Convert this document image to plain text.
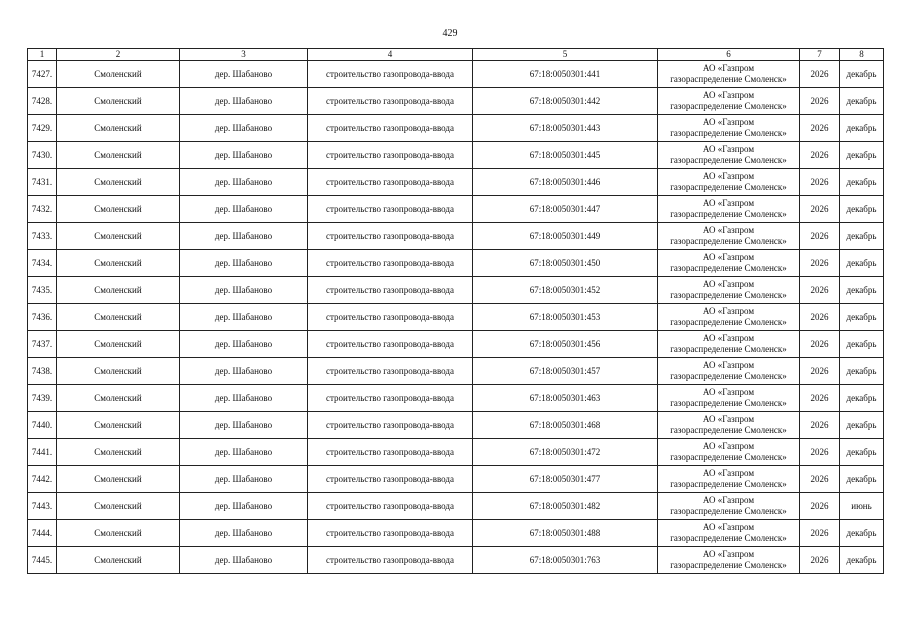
429
1	2	3	4	5	6	7	8
7427.	Смоленский	дер. Шабаново	строительство газопровода-ввода	67:18:0050301:441	АО «Газпром
газораспределение Смоленск»	2026	декабрь
7428.	Смоленский	дер. Шабаново	строительство газопровода-ввода	67:18:0050301:442	АО «Газпром
газораспределение Смоленск»	2026	декабрь
7429.	Смоленский	дер. Шабаново	строительство газопровода-ввода	67:18:0050301:443	АО «Газпром
газораспределение Смоленск»	2026	декабрь
7430.	Смоленский	дер. Шабаново	строительство газопровода-ввода	67:18:0050301:445	АО «Газпром
газораспределение Смоленск»	2026	декабрь
7431.	Смоленский	дер. Шабаново	строительство газопровода-ввода	67:18:0050301:446	АО «Газпром
газораспределение Смоленск»	2026	декабрь
7432.	Смоленский	дер. Шабаново	строительство газопровода-ввода	67:18:0050301:447	АО «Газпром
газораспределение Смоленск»	2026	декабрь
7433.	Смоленский	дер. Шабаново	строительство газопровода-ввода	67:18:0050301:449	АО «Газпром
газораспределение Смоленск»	2026	декабрь
7434.	Смоленский	дер. Шабаново	строительство газопровода-ввода	67:18:0050301:450	АО «Газпром
газораспределение Смоленск»	2026	декабрь
7435.	Смоленский	дер. Шабаново	строительство газопровода-ввода	67:18:0050301:452	АО «Газпром
газораспределение Смоленск»	2026	декабрь
7436.	Смоленский	дер. Шабаново	строительство газопровода-ввода	67:18:0050301:453	АО «Газпром
газораспределение Смоленск»	2026	декабрь
7437.	Смоленский	дер. Шабаново	строительство газопровода-ввода	67:18:0050301:456	АО «Газпром
газораспределение Смоленск»	2026	декабрь
7438.	Смоленский	дер. Шабаново	строительство газопровода-ввода	67:18:0050301:457	АО «Газпром
газораспределение Смоленск»	2026	декабрь
7439.	Смоленский	дер. Шабаново	строительство газопровода-ввода	67:18:0050301:463	АО «Газпром
газораспределение Смоленск»	2026	декабрь
7440.	Смоленский	дер. Шабаново	строительство газопровода-ввода	67:18:0050301:468	АО «Газпром
газораспределение Смоленск»	2026	декабрь
7441.	Смоленский	дер. Шабаново	строительство газопровода-ввода	67:18:0050301:472	АО «Газпром
газораспределение Смоленск»	2026	декабрь
7442.	Смоленский	дер. Шабаново	строительство газопровода-ввода	67:18:0050301:477	АО «Газпром
газораспределение Смоленск»	2026	декабрь
7443.	Смоленский	дер. Шабаново	строительство газопровода-ввода	67:18:0050301:482	АО «Газпром
газораспределение Смоленск»	2026	июнь
7444.	Смоленский	дер. Шабаново	строительство газопровода-ввода	67:18:0050301:488	АО «Газпром
газораспределение Смоленск»	2026	декабрь
7445.	Смоленский	дер. Шабаново	строительство газопровода-ввода	67:18:0050301:763	АО «Газпром
газораспределение Смоленск»	2026	декабрь
